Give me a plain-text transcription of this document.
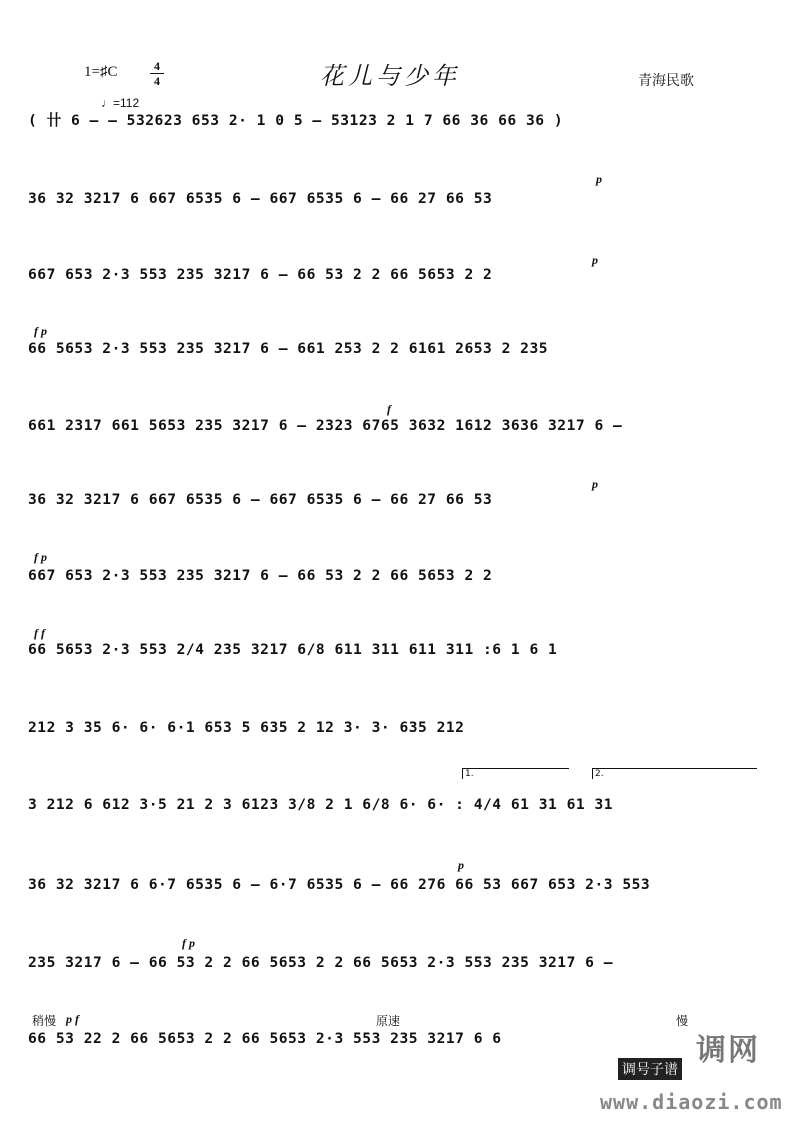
1=♯C	4
4	花儿与少年	青海民歌
♩=112
( 卄 6 – – 532623 653 2· 1 0 5 – 53123 2 1 7 66 36 66 36 )
p
36 32 3217 6 667 6535 6 – 667 6535 6 – 66 27 66 53
p
667 653 2·3 553 235 3217 6 – 66 53 2 2 66 5653 2 2
f p
66 5653 2·3 553 235 3217 6 – 661 253 2 2 6161 2653 2 235
f
661 2317 661 5653 235 3217 6 – 2323 6765 3632 1612 3636 3217 6 –
p
36 32 3217 6 667 6535 6 – 667 6535 6 – 66 27 66 53
f p
667 653 2·3 553 235 3217 6 – 66 53 2 2 66 5653 2 2
f f
66 5653 2·3 553 2/4 235 3217 6/8 611 311 611 311 :6 1 6 1
212 3 35 6· 6· 6·1 653 5 635 2 12 3· 3· 635 212
1.	2.
3 212 6 612 3·5 21 2 3 6123 3/8 2 1 6/8 6· 6· : 4/4 61 31 61 31
p
36 32 3217 6 6·7 6535 6 – 6·7 6535 6 – 66 276 66 53 667 653 2·3 553
f p
235 3217 6 – 66 53 2 2 66 5653 2 2 66 5653 2·3 553 235 3217 6 –
稍慢	原速	慢
p f
66 53 22 2 66 5653 2 2 66 5653 2·3 553 235 3217 6 6	调网
调号子谱
www.diaozi.com
